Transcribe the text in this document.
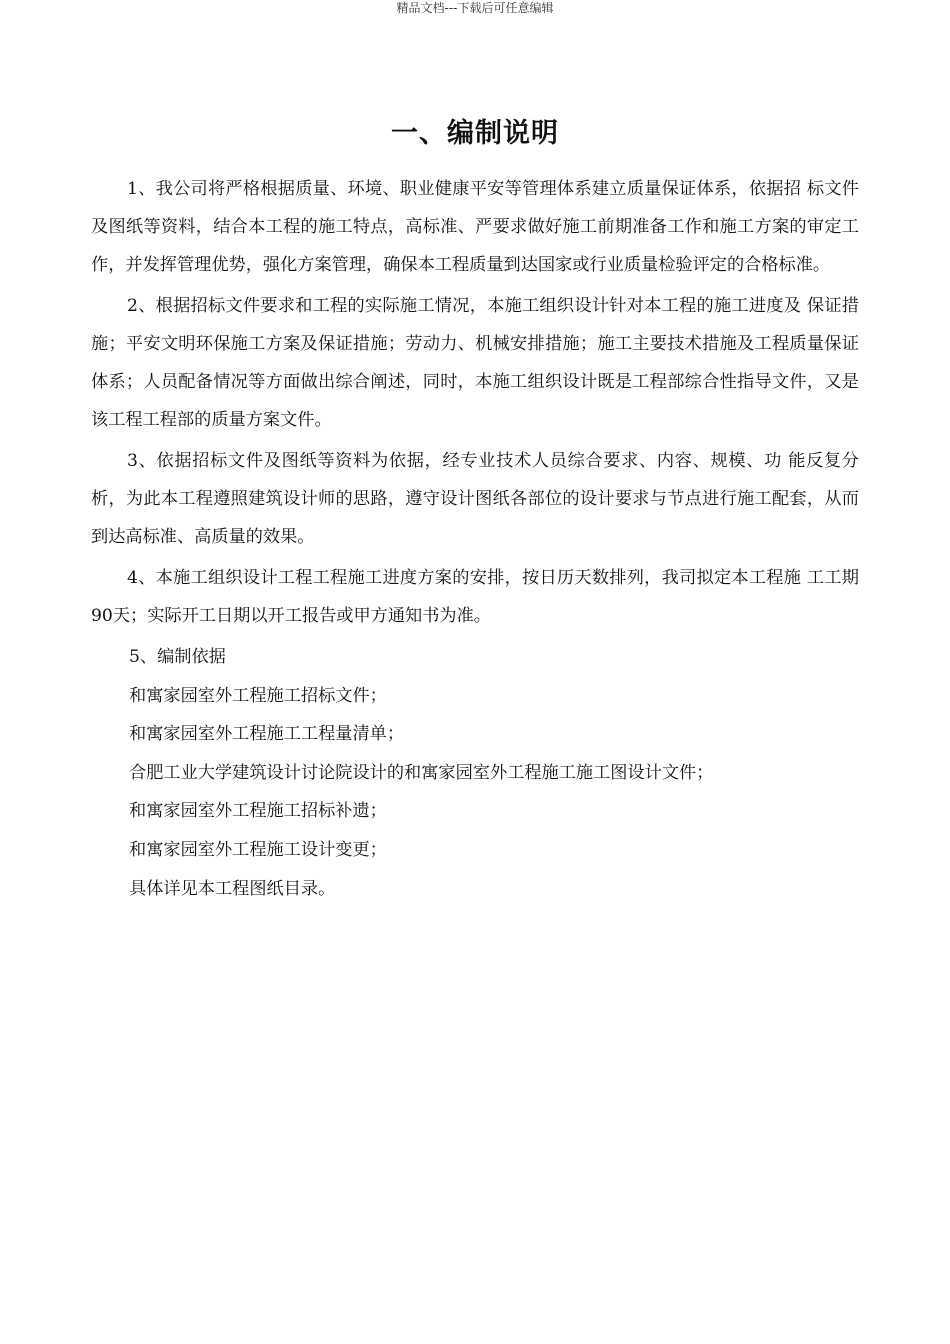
精品文档---下载后可任意编辑
一、编制说明

1、我公司将严格根据质量、环境、职业健康平安等管理体系建立质量保证体系，依据招 标文件及图纸等资料，结合本工程的施工特点，高标准、严要求做好施工前期准备工作和施工方案的审定工作，并发挥管理优势，强化方案管理，确保本工程质量到达国家或行业质量检验评定的合格标准。

2、根据招标文件要求和工程的实际施工情况，本施工组织设计针对本工程的施工进度及 保证措施；平安文明环保施工方案及保证措施；劳动力、机械安排措施；施工主要技术措施及工程质量保证体系；人员配备情况等方面做出综合阐述，同时，本施工组织设计既是工程部综合性指导文件，又是该工程工程部的质量方案文件。

3、依据招标文件及图纸等资料为依据，经专业技术人员综合要求、内容、规模、功 能反复分析，为此本工程遵照建筑设计师的思路，遵守设计图纸各部位的设计要求与节点进行施工配套，从而到达高标准、高质量的效果。

4、本施工组织设计工程工程施工进度方案的安排，按日历天数排列，我司拟定本工程施 工工期90天；实际开工日期以开工报告或甲方通知书为准。

5、编制依据

和寓家园室外工程施工招标文件；

和寓家园室外工程施工工程量清单；

合肥工业大学建筑设计讨论院设计的和寓家园室外工程施工施工图设计文件；

和寓家园室外工程施工招标补遗；

和寓家园室外工程施工设计变更；

具体详见本工程图纸目录。
